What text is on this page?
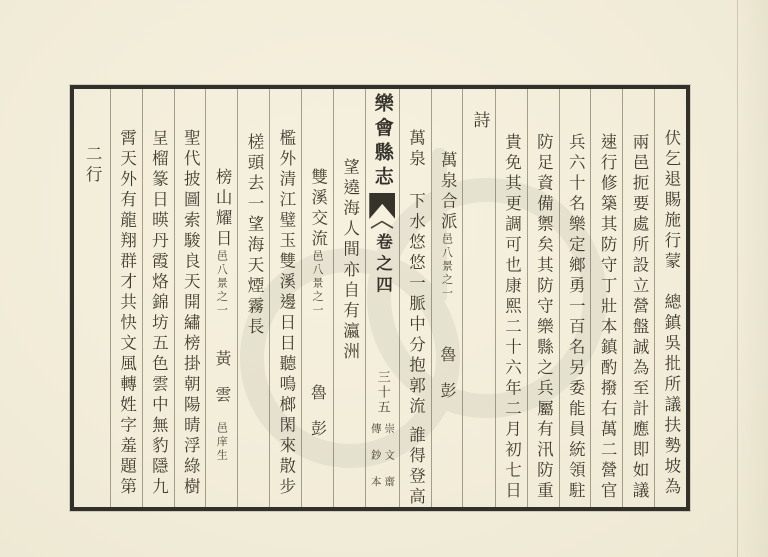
伏乞退賜施行蒙
總鎮吳批所議扶勢坡為
兩邑扼要處所設立營盤誠為至計應即如議
速行修築其防守丁壯本鎮酌撥右萬二營官
兵六十名樂定鄉勇一百名另委能員統領駐
防足資備禦矣其防守樂縣之兵屬有汛防重
貴免其更調可也康熙二十六年二月初七日
詩
萬泉合派
邑八景之一
魯彭
萬泉
下水悠悠一脈中分抱郭流
誰得登高
樂會縣志
卷之四
三十五
崇文齋
傳鈔本
望遶海人間亦自有瀛洲
雙溪交流
邑八景之一
魯彭
檻外清江璧玉雙溪邊日日聽鳴榔閑來散步
槎頭去一望海天煙霧長
榜山耀日
邑八景之一
黃雲
邑庠生
聖代披圖索駿良天開繡榜掛朝陽晴浮綠樹
呈榴篆日暎丹霞烙錦坊五色雲中無豹隱九
霄天外有龍翔群才共快文風轉姓字羞題第
二行
